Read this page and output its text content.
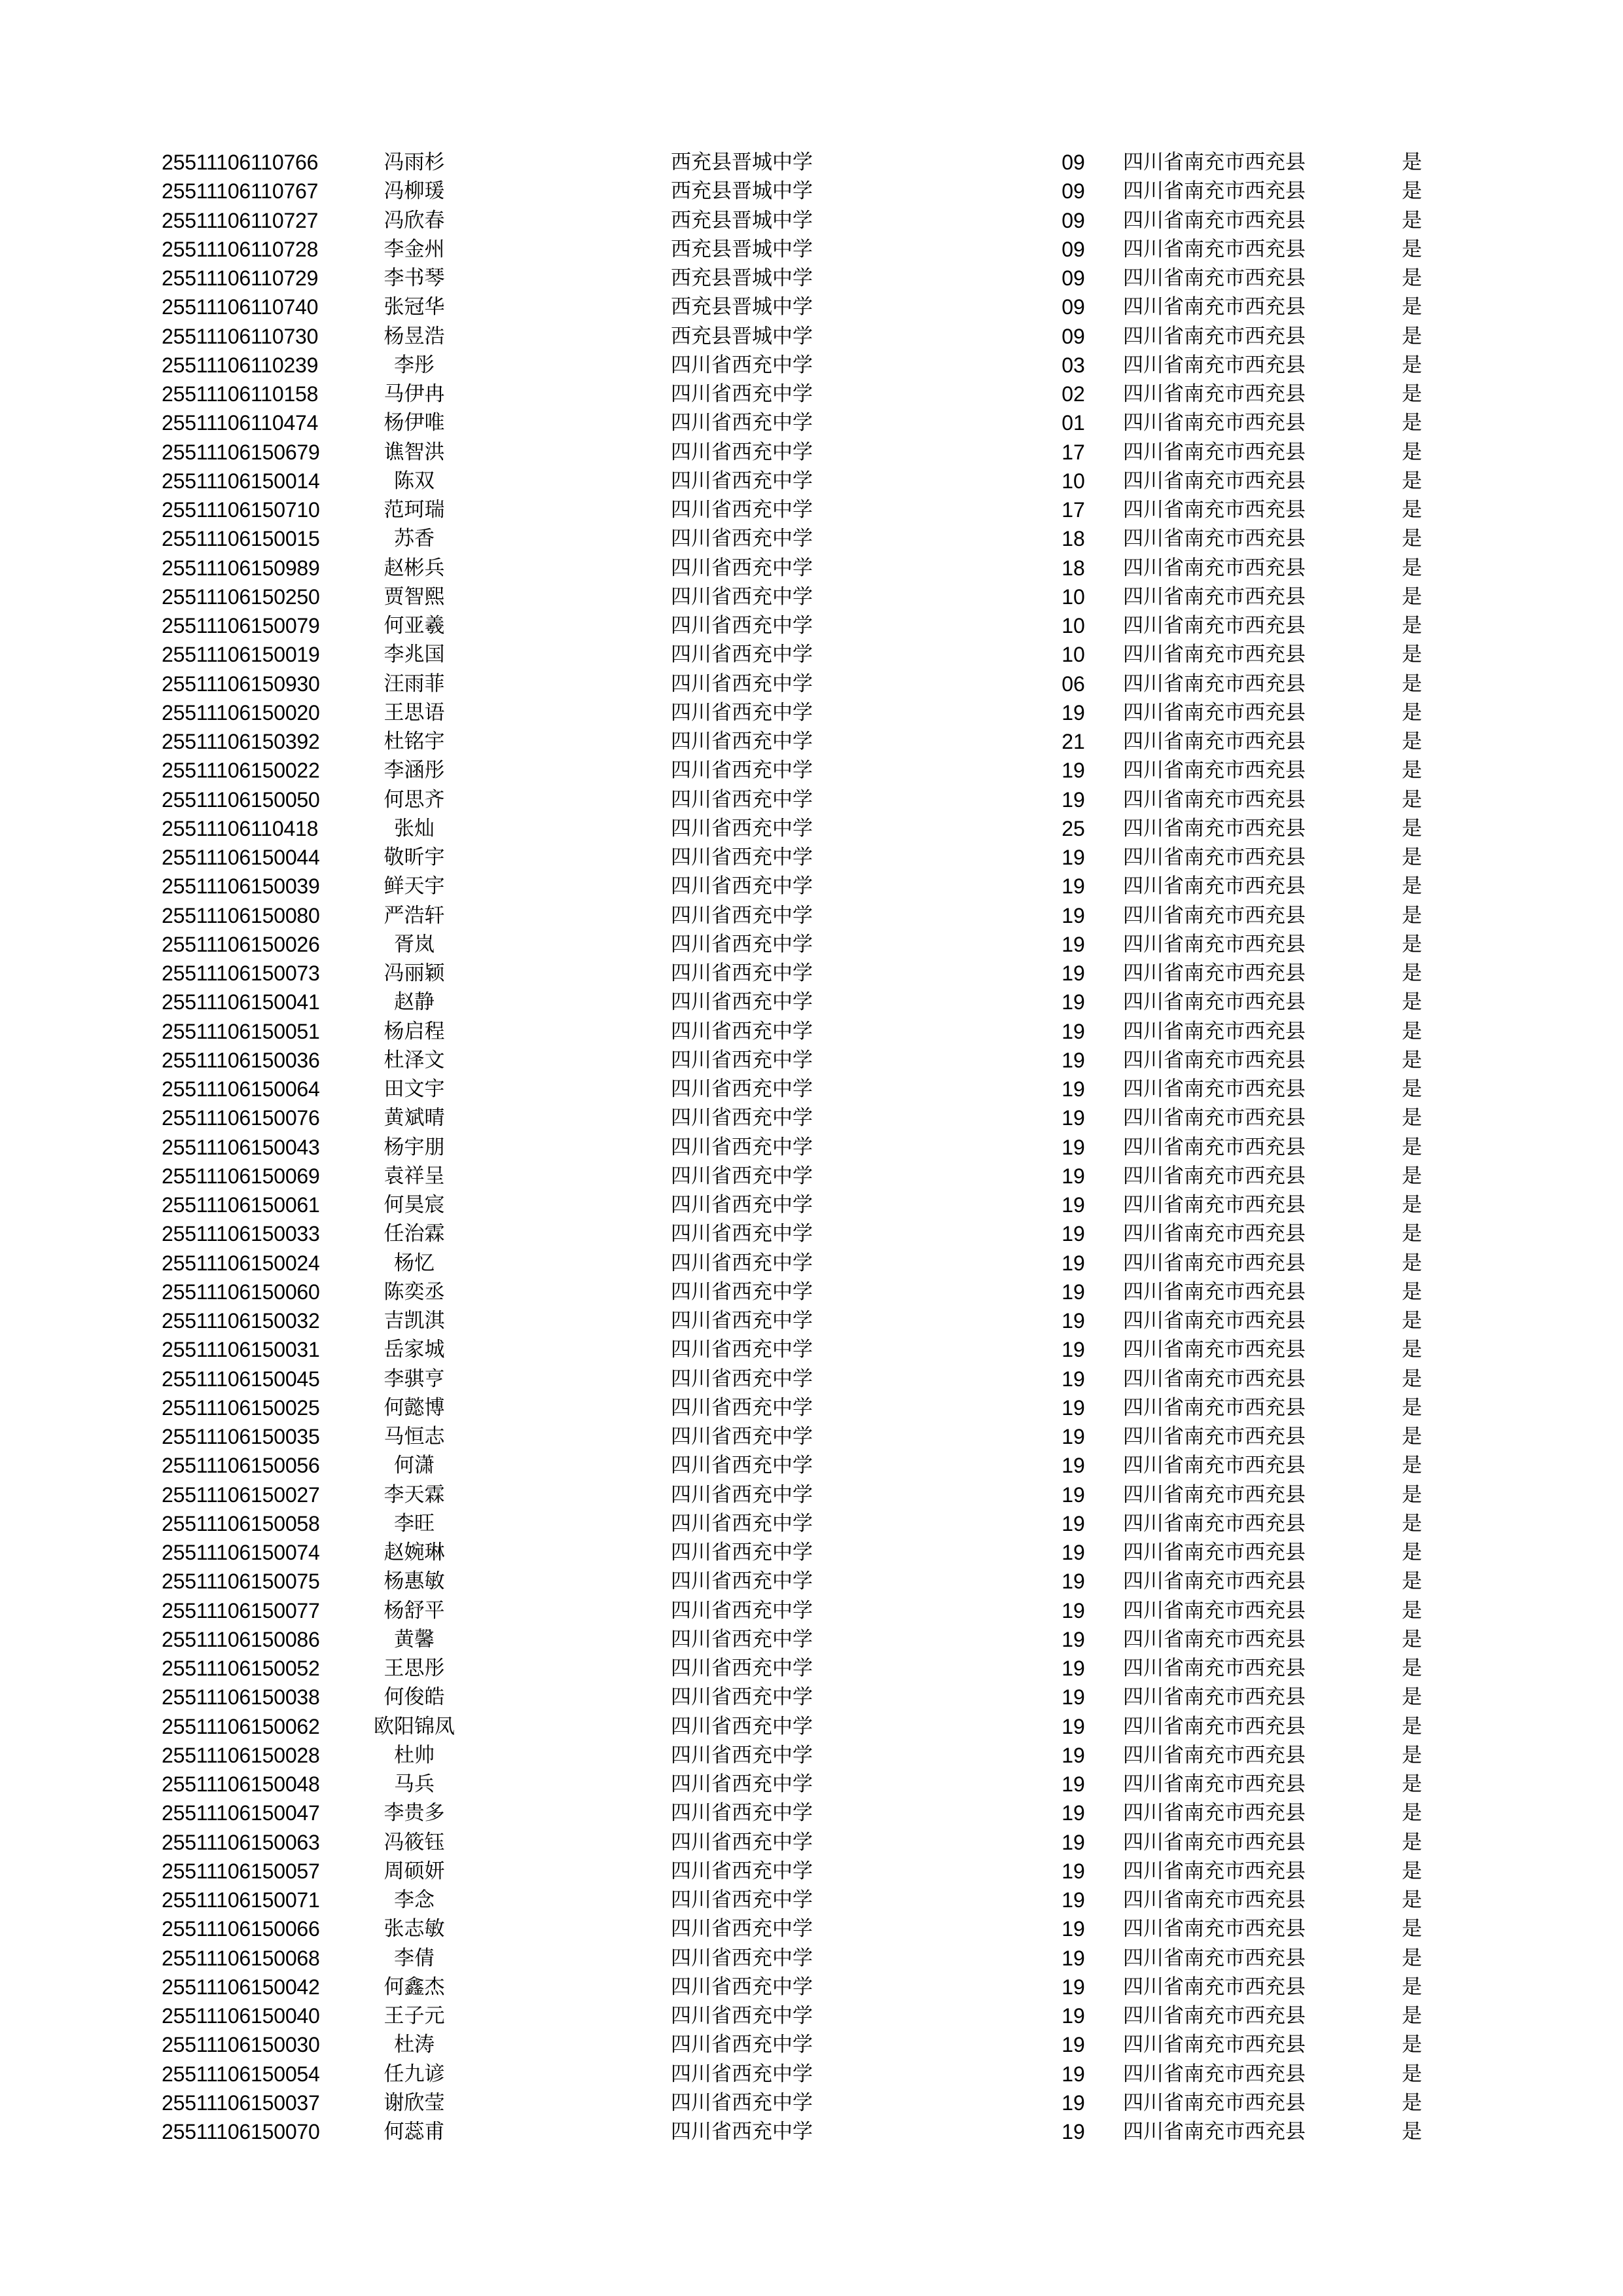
25511106110766	冯雨杉	西充县晋城中学	09	四川省南充市西充县	是
25511106110767	冯柳瑗	西充县晋城中学	09	四川省南充市西充县	是
25511106110727	冯欣春	西充县晋城中学	09	四川省南充市西充县	是
25511106110728	李金州	西充县晋城中学	09	四川省南充市西充县	是
25511106110729	李书琴	西充县晋城中学	09	四川省南充市西充县	是
25511106110740	张冠华	西充县晋城中学	09	四川省南充市西充县	是
25511106110730	杨昱浩	西充县晋城中学	09	四川省南充市西充县	是
25511106110239	李彤	四川省西充中学	03	四川省南充市西充县	是
25511106110158	马伊冉	四川省西充中学	02	四川省南充市西充县	是
25511106110474	杨伊唯	四川省西充中学	01	四川省南充市西充县	是
25511106150679	谯智洪	四川省西充中学	17	四川省南充市西充县	是
25511106150014	陈双	四川省西充中学	10	四川省南充市西充县	是
25511106150710	范珂瑞	四川省西充中学	17	四川省南充市西充县	是
25511106150015	苏香	四川省西充中学	18	四川省南充市西充县	是
25511106150989	赵彬兵	四川省西充中学	18	四川省南充市西充县	是
25511106150250	贾智熙	四川省西充中学	10	四川省南充市西充县	是
25511106150079	何亚羲	四川省西充中学	10	四川省南充市西充县	是
25511106150019	李兆国	四川省西充中学	10	四川省南充市西充县	是
25511106150930	汪雨菲	四川省西充中学	06	四川省南充市西充县	是
25511106150020	王思语	四川省西充中学	19	四川省南充市西充县	是
25511106150392	杜铭宇	四川省西充中学	21	四川省南充市西充县	是
25511106150022	李涵彤	四川省西充中学	19	四川省南充市西充县	是
25511106150050	何思齐	四川省西充中学	19	四川省南充市西充县	是
25511106110418	张灿	四川省西充中学	25	四川省南充市西充县	是
25511106150044	敬昕宇	四川省西充中学	19	四川省南充市西充县	是
25511106150039	鲜天宇	四川省西充中学	19	四川省南充市西充县	是
25511106150080	严浩轩	四川省西充中学	19	四川省南充市西充县	是
25511106150026	胥岚	四川省西充中学	19	四川省南充市西充县	是
25511106150073	冯丽颖	四川省西充中学	19	四川省南充市西充县	是
25511106150041	赵静	四川省西充中学	19	四川省南充市西充县	是
25511106150051	杨启程	四川省西充中学	19	四川省南充市西充县	是
25511106150036	杜泽文	四川省西充中学	19	四川省南充市西充县	是
25511106150064	田文宇	四川省西充中学	19	四川省南充市西充县	是
25511106150076	黄斌晴	四川省西充中学	19	四川省南充市西充县	是
25511106150043	杨宇朋	四川省西充中学	19	四川省南充市西充县	是
25511106150069	袁祥呈	四川省西充中学	19	四川省南充市西充县	是
25511106150061	何昊宸	四川省西充中学	19	四川省南充市西充县	是
25511106150033	任治霖	四川省西充中学	19	四川省南充市西充县	是
25511106150024	杨忆	四川省西充中学	19	四川省南充市西充县	是
25511106150060	陈奕丞	四川省西充中学	19	四川省南充市西充县	是
25511106150032	吉凯淇	四川省西充中学	19	四川省南充市西充县	是
25511106150031	岳家城	四川省西充中学	19	四川省南充市西充县	是
25511106150045	李骐亨	四川省西充中学	19	四川省南充市西充县	是
25511106150025	何懿博	四川省西充中学	19	四川省南充市西充县	是
25511106150035	马恒志	四川省西充中学	19	四川省南充市西充县	是
25511106150056	何潇	四川省西充中学	19	四川省南充市西充县	是
25511106150027	李天霖	四川省西充中学	19	四川省南充市西充县	是
25511106150058	李旺	四川省西充中学	19	四川省南充市西充县	是
25511106150074	赵婉琳	四川省西充中学	19	四川省南充市西充县	是
25511106150075	杨惠敏	四川省西充中学	19	四川省南充市西充县	是
25511106150077	杨舒平	四川省西充中学	19	四川省南充市西充县	是
25511106150086	黄馨	四川省西充中学	19	四川省南充市西充县	是
25511106150052	王思彤	四川省西充中学	19	四川省南充市西充县	是
25511106150038	何俊皓	四川省西充中学	19	四川省南充市西充县	是
25511106150062	欧阳锦凤	四川省西充中学	19	四川省南充市西充县	是
25511106150028	杜帅	四川省西充中学	19	四川省南充市西充县	是
25511106150048	马兵	四川省西充中学	19	四川省南充市西充县	是
25511106150047	李贵多	四川省西充中学	19	四川省南充市西充县	是
25511106150063	冯筱钰	四川省西充中学	19	四川省南充市西充县	是
25511106150057	周硕妍	四川省西充中学	19	四川省南充市西充县	是
25511106150071	李念	四川省西充中学	19	四川省南充市西充县	是
25511106150066	张志敏	四川省西充中学	19	四川省南充市西充县	是
25511106150068	李倩	四川省西充中学	19	四川省南充市西充县	是
25511106150042	何鑫杰	四川省西充中学	19	四川省南充市西充县	是
25511106150040	王子元	四川省西充中学	19	四川省南充市西充县	是
25511106150030	杜涛	四川省西充中学	19	四川省南充市西充县	是
25511106150054	任九谚	四川省西充中学	19	四川省南充市西充县	是
25511106150037	谢欣莹	四川省西充中学	19	四川省南充市西充县	是
25511106150070	何蕊甫	四川省西充中学	19	四川省南充市西充县	是
